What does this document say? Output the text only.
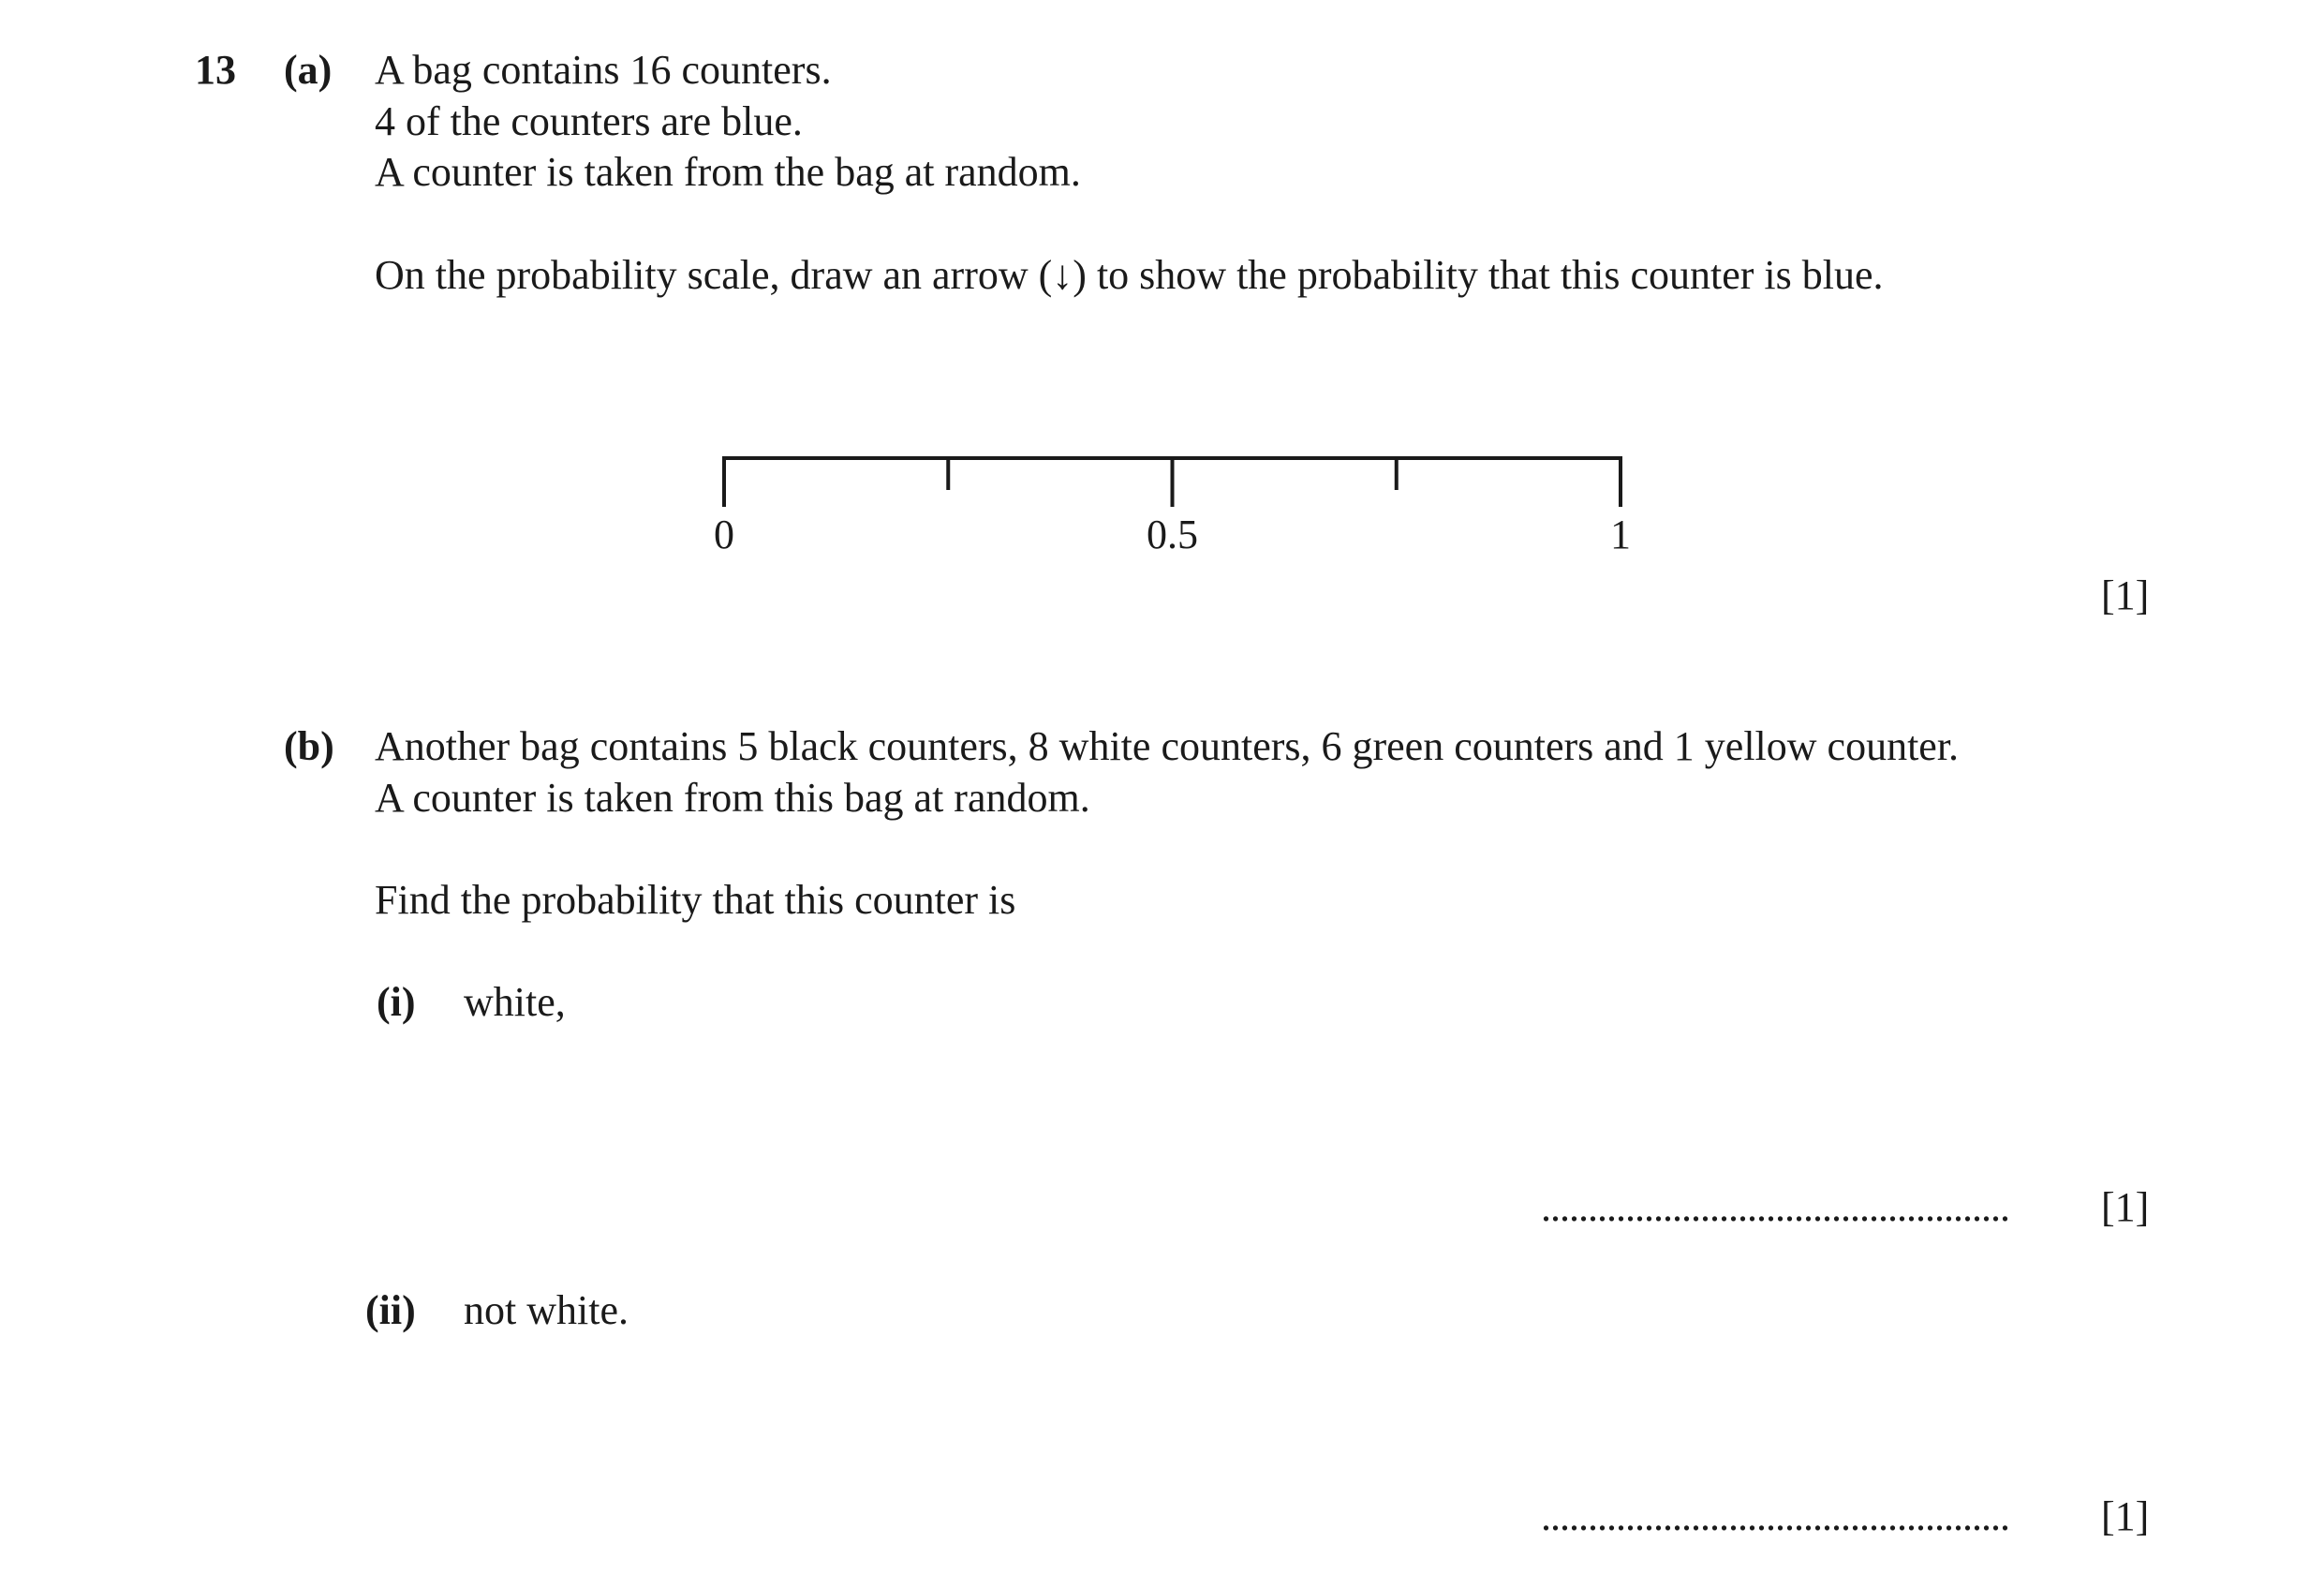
13 (a) A bag contains 16 counters.
4 of the counters are blue.
A counter is taken from the bag at random.
On the probability scale, draw an arrow (↓) to show the probability that this counter is blue.
0	0.5	1
[1]
(b) Another bag contains 5 black counters, 8 white counters, 6 green counters and 1 yellow counter.
A counter is taken from this bag at random.
Find the probability that this counter is
(i) white,
.................................................. [1]
(ii) not white.
.................................................. [1]
